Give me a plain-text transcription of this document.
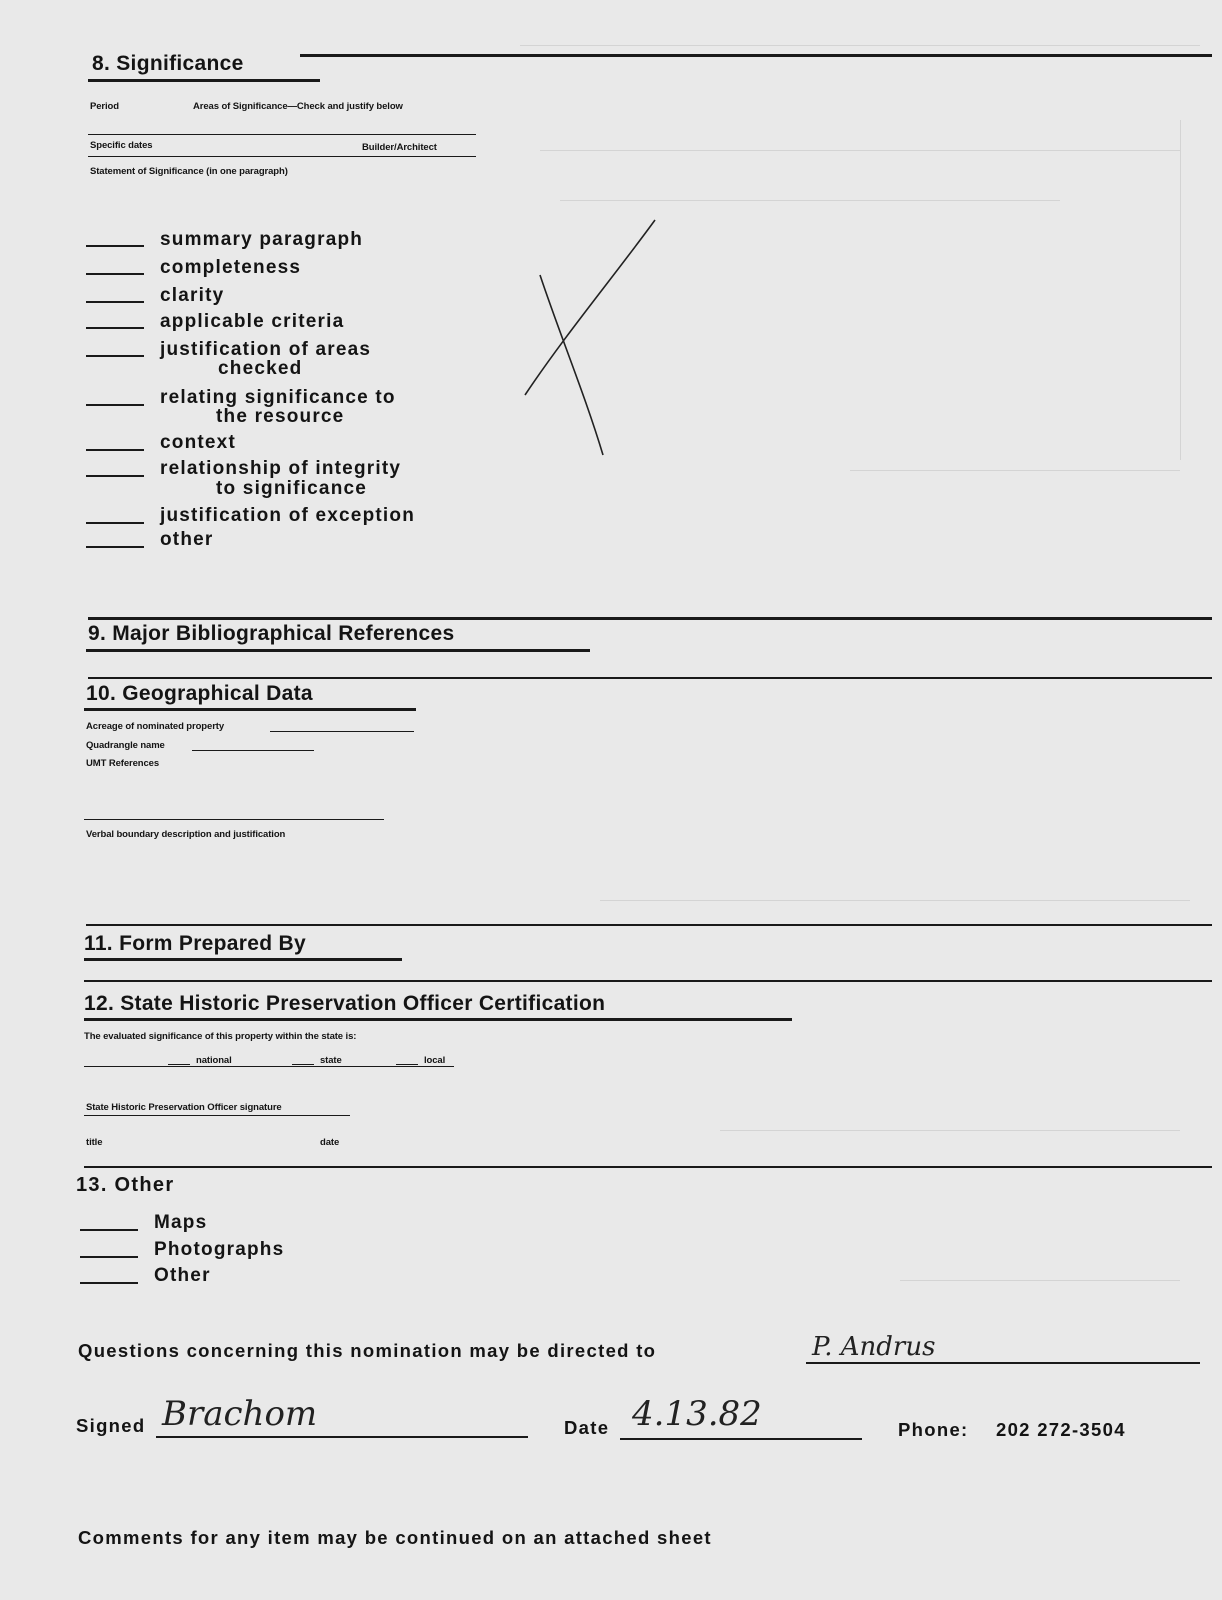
8. Significance
Period	Areas of Significance—Check and justify below
Specific dates	Builder/Architect
Statement of Significance (in one paragraph)
summary paragraph
completeness
clarity
applicable criteria
justification of areas
checked
relating significance to
the resource
context
relationship of integrity
to significance
justification of exception
other
9. Major Bibliographical References
10. Geographical Data
Acreage of nominated property
Quadrangle name
UMT References
Verbal boundary description and justification
11. Form Prepared By
12. State Historic Preservation Officer Certification
The evaluated significance of this property within the state is:
national	state	local
State Historic Preservation Officer signature
title	date
13. Other
Maps
Photographs
Other
Questions concerning this nomination may be directed to	P. Andrus
Signed Brachom	Date 4.13.82	Phone: 202 272-3504
Comments for any item may be continued on an attached sheet
